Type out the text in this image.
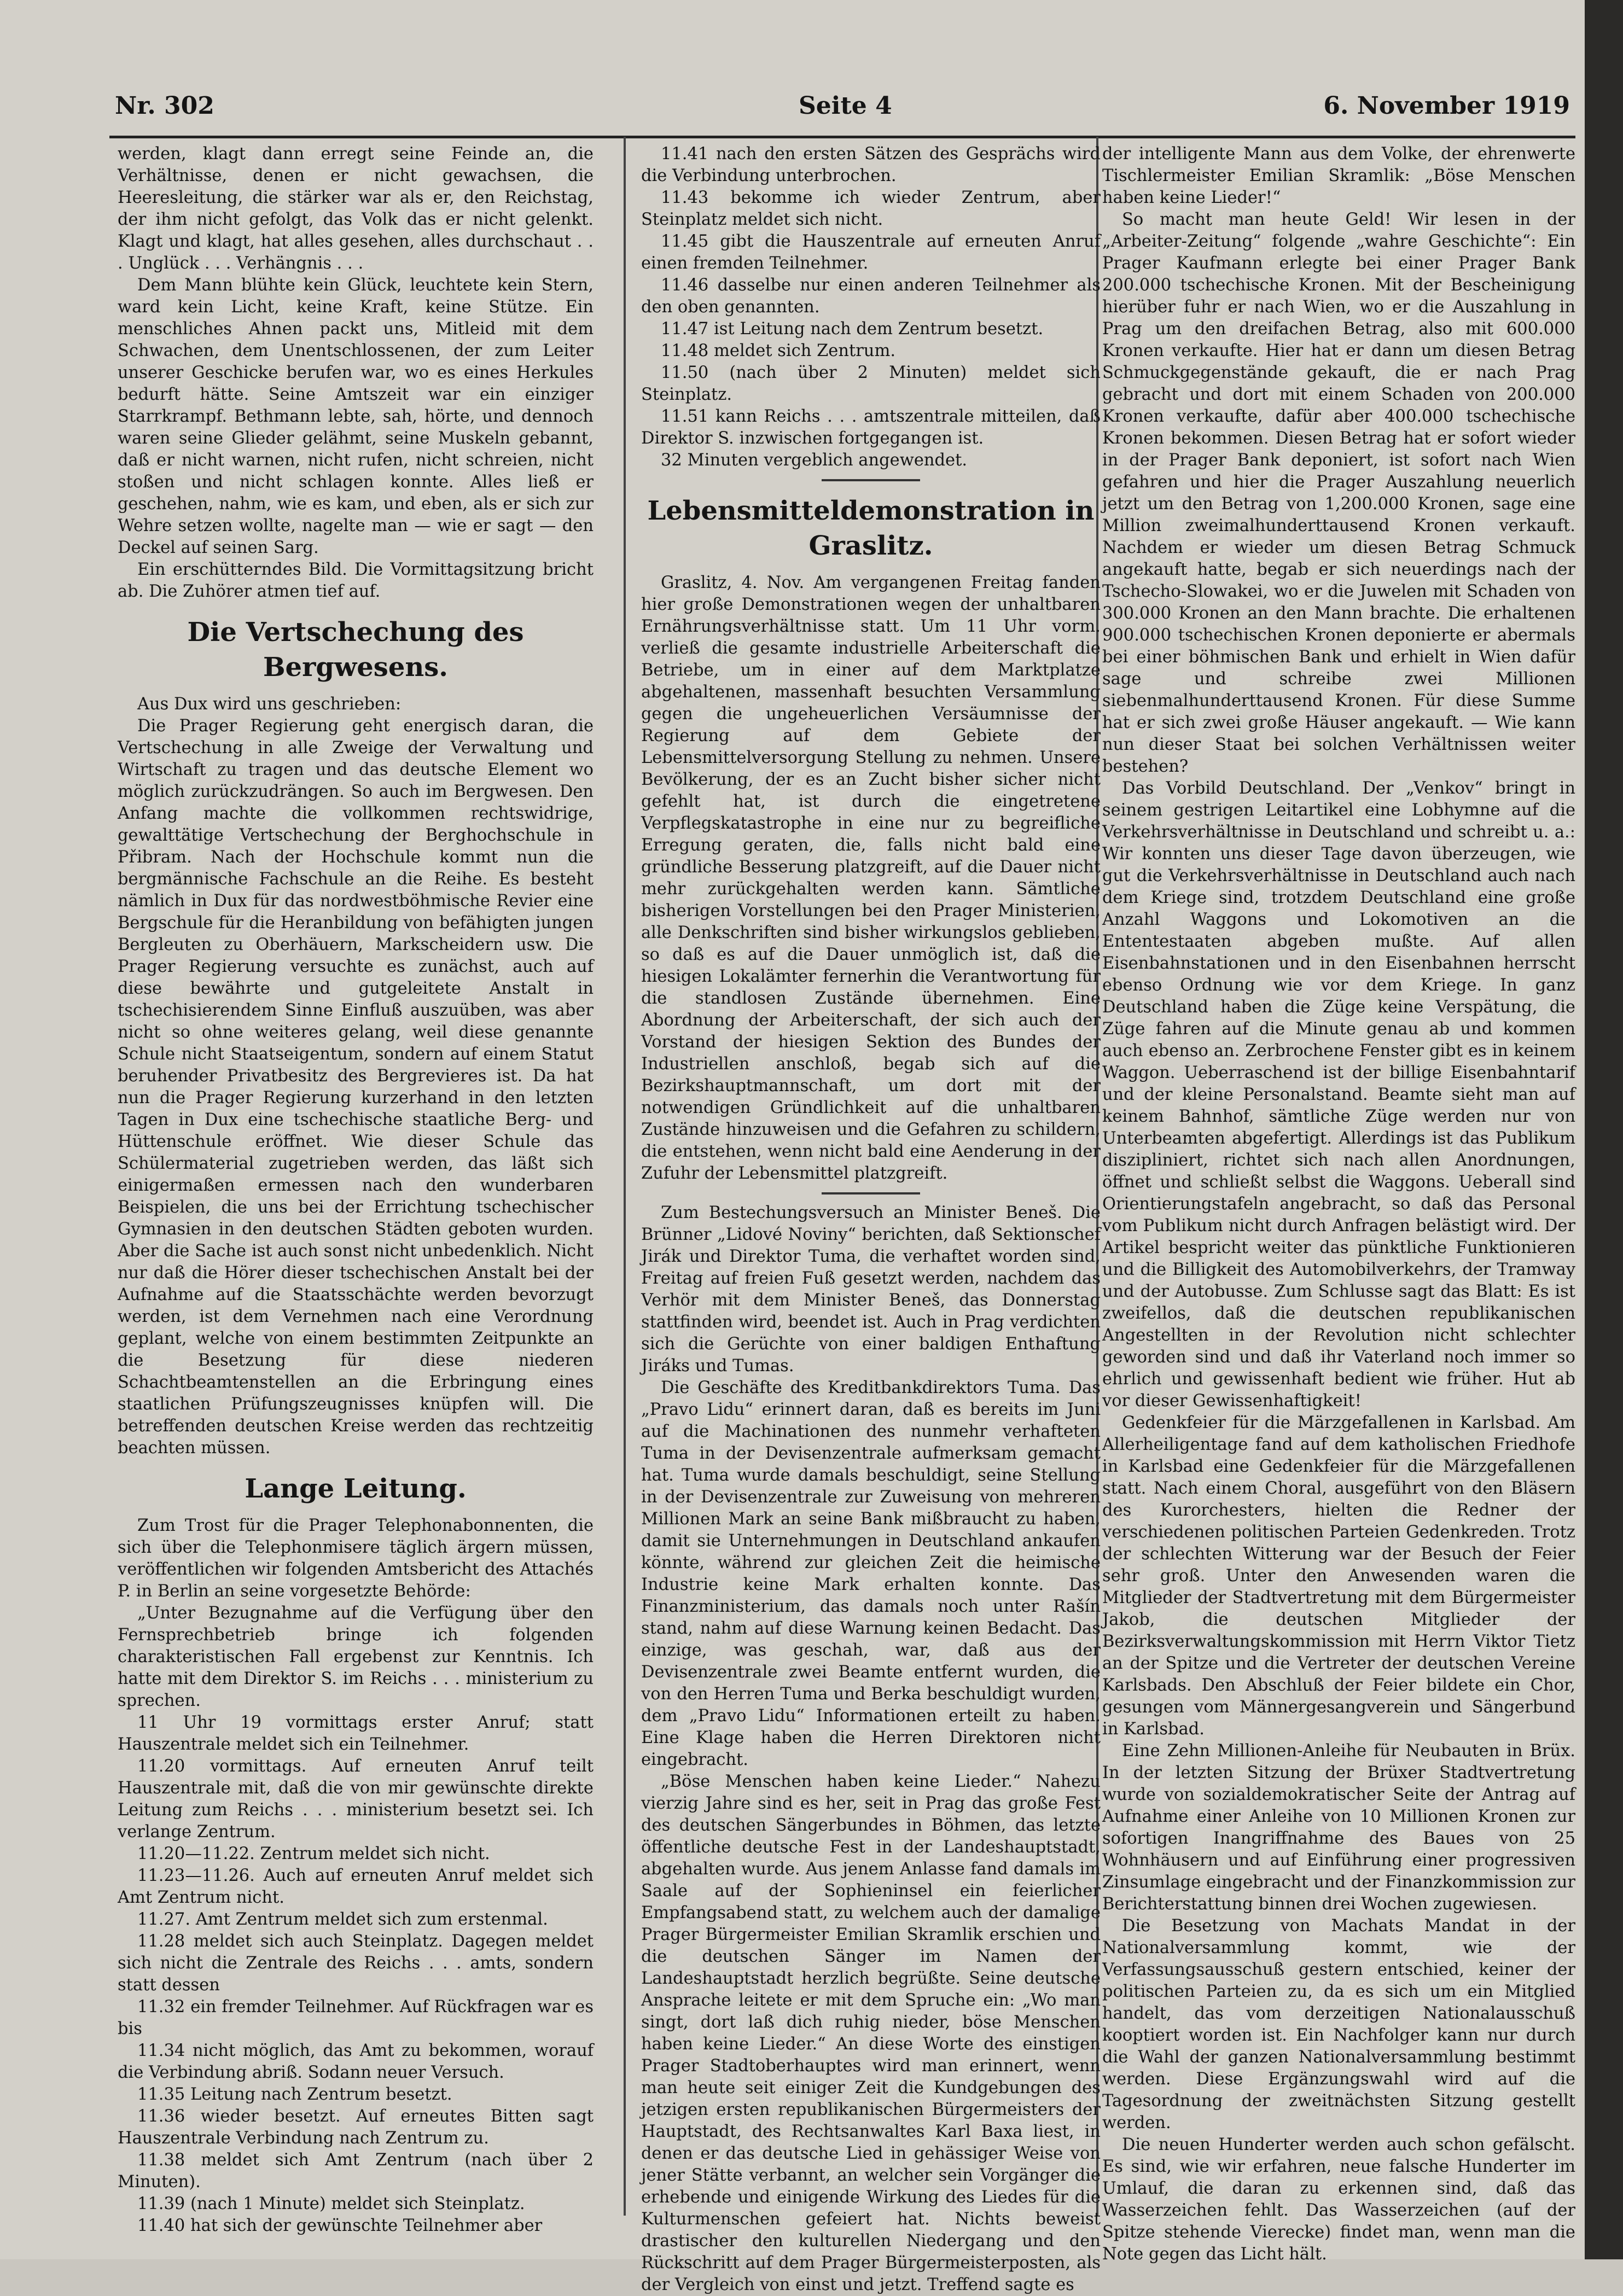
Nr. 302	Seite 4	6. November 1919

werden, klagt dann erregt seine Feinde an, die Verhältnisse, denen er nicht gewachsen, die Heeresleitung, die stärker war als er, den Reichstag, der ihm nicht gefolgt, das Volk das er nicht gelenkt. Klagt und klagt, hat alles gesehen, alles durchschaut . . . Unglück . . . Verhängnis . . .

Dem Mann blühte kein Glück, leuchtete kein Stern, ward kein Licht, keine Kraft, keine Stütze. Ein menschliches Ahnen packt uns, Mitleid mit dem Schwachen, dem Unentschlossenen, der zum Leiter unserer Geschicke berufen war, wo es eines Herkules bedurft hätte. Seine Amtszeit war ein einziger Starrkrampf. Bethmann lebte, sah, hörte, und dennoch waren seine Glieder gelähmt, seine Muskeln gebannt, daß er nicht warnen, nicht rufen, nicht schreien, nicht stoßen und nicht schlagen konnte. Alles ließ er geschehen, nahm, wie es kam, und eben, als er sich zur Wehre setzen wollte, nagelte man — wie er sagt — den Deckel auf seinen Sarg.

Ein erschütterndes Bild. Die Vormittagsitzung bricht ab. Die Zuhörer atmen tief auf.

Die Vertschechung des Bergwesens.

Aus Dux wird uns geschrieben:

Die Prager Regierung geht energisch daran, die Vertschechung in alle Zweige der Verwaltung und Wirtschaft zu tragen und das deutsche Element wo möglich zurückzudrängen. So auch im Bergwesen. Den Anfang machte die vollkommen rechtswidrige, gewalttätige Vertschechung der Berghochschule in Přibram. Nach der Hochschule kommt nun die bergmännische Fachschule an die Reihe. Es besteht nämlich in Dux für das nordwestböhmische Revier eine Bergschule für die Heranbildung von befähigten jungen Bergleuten zu Oberhäuern, Markscheidern usw. Die Prager Regierung versuchte es zunächst, auch auf diese bewährte und gutgeleitete Anstalt in tschechisierendem Sinne Einfluß auszuüben, was aber nicht so ohne weiteres gelang, weil diese genannte Schule nicht Staatseigentum, sondern auf einem Statut beruhender Privatbesitz des Bergrevieres ist. Da hat nun die Prager Regierung kurzerhand in den letzten Tagen in Dux eine tschechische staatliche Berg- und Hüttenschule eröffnet. Wie dieser Schule das Schülermaterial zugetrieben werden, das läßt sich einigermaßen ermessen nach den wunderbaren Beispielen, die uns bei der Errichtung tschechischer Gymnasien in den deutschen Städten geboten wurden. Aber die Sache ist auch sonst nicht unbedenklich. Nicht nur daß die Hörer dieser tschechischen Anstalt bei der Aufnahme auf die Staatsschächte werden bevorzugt werden, ist dem Vernehmen nach eine Verordnung geplant, welche von einem bestimmten Zeitpunkte an die Besetzung für diese niederen Schachtbeamtenstellen an die Erbringung eines staatlichen Prüfungszeugnisses knüpfen will. Die betreffenden deutschen Kreise werden das rechtzeitig beachten müssen.

Lange Leitung.

Zum Trost für die Prager Telephonabonnenten, die sich über die Telephonmisere täglich ärgern müssen, veröffentlichen wir folgenden Amtsbericht des Attachés P. in Berlin an seine vorgesetzte Behörde:

„Unter Bezugnahme auf die Verfügung über den Fernsprechbetrieb bringe ich folgenden charakteristischen Fall ergebenst zur Kenntnis. Ich hatte mit dem Direktor S. im Reichs . . . ministerium zu sprechen.

11 Uhr 19 vormittags erster Anruf; statt Hauszentrale meldet sich ein Teilnehmer.

11.20 vormittags. Auf erneuten Anruf teilt Hauszentrale mit, daß die von mir gewünschte direkte Leitung zum Reichs . . . ministerium besetzt sei. Ich verlange Zentrum.

11.20—11.22. Zentrum meldet sich nicht.

11.23—11.26. Auch auf erneuten Anruf meldet sich Amt Zentrum nicht.

11.27. Amt Zentrum meldet sich zum erstenmal.

11.28 meldet sich auch Steinplatz. Dagegen meldet sich nicht die Zentrale des Reichs . . . amts, sondern statt dessen

11.32 ein fremder Teilnehmer. Auf Rückfragen war es bis

11.34 nicht möglich, das Amt zu bekommen, worauf die Verbindung abriß. Sodann neuer Versuch.

11.35 Leitung nach Zentrum besetzt.

11.36 wieder besetzt. Auf erneutes Bitten sagt Hauszentrale Verbindung nach Zentrum zu.

11.38 meldet sich Amt Zentrum (nach über 2 Minuten).

11.39 (nach 1 Minute) meldet sich Steinplatz.

11.40 hat sich der gewünschte Teilnehmer aber

11.41 nach den ersten Sätzen des Gesprächs wird die Verbindung unterbrochen.

11.43 bekomme ich wieder Zentrum, aber Steinplatz meldet sich nicht.

11.45 gibt die Hauszentrale auf erneuten Anruf einen fremden Teilnehmer.

11.46 dasselbe nur einen anderen Teilnehmer als den oben genannten.

11.47 ist Leitung nach dem Zentrum besetzt.

11.48 meldet sich Zentrum.

11.50 (nach über 2 Minuten) meldet sich Steinplatz.

11.51 kann Reichs . . . amtszentrale mitteilen, daß Direktor S. inzwischen fortgegangen ist.

32 Minuten vergeblich angewendet.

Lebensmitteldemonstration in Graslitz.

Graslitz, 4. Nov. Am vergangenen Freitag fanden hier große Demonstrationen wegen der unhaltbaren Ernährungsverhältnisse statt. Um 11 Uhr vorm. verließ die gesamte industrielle Arbeiterschaft die Betriebe, um in einer auf dem Marktplatze abgehaltenen, massenhaft besuchten Versammlung gegen die ungeheuerlichen Versäumnisse der Regierung auf dem Gebiete der Lebensmittelversorgung Stellung zu nehmen. Unsere Bevölkerung, der es an Zucht bisher sicher nicht gefehlt hat, ist durch die eingetretene Verpflegskatastrophe in eine nur zu begreifliche Erregung geraten, die, falls nicht bald eine gründliche Besserung platzgreift, auf die Dauer nicht mehr zurückgehalten werden kann. Sämtliche bisherigen Vorstellungen bei den Prager Ministerien, alle Denkschriften sind bisher wirkungslos geblieben, so daß es auf die Dauer unmöglich ist, daß die hiesigen Lokalämter fernerhin die Verantwortung für die standlosen Zustände übernehmen. Eine Abordnung der Arbeiterschaft, der sich auch der Vorstand der hiesigen Sektion des Bundes der Industriellen anschloß, begab sich auf die Bezirkshauptmannschaft, um dort mit der notwendigen Gründlichkeit auf die unhaltbaren Zustände hinzuweisen und die Gefahren zu schildern, die entstehen, wenn nicht bald eine Aenderung in der Zufuhr der Lebensmittel platzgreift.

Zum Bestechungsversuch an Minister Beneš. Die Brünner „Lidové Noviny“ berichten, daß Sektionschef Jirák und Direktor Tuma, die verhaftet worden sind, Freitag auf freien Fuß gesetzt werden, nachdem das Verhör mit dem Minister Beneš, das Donnerstag stattfinden wird, beendet ist. Auch in Prag verdichten sich die Gerüchte von einer baldigen Enthaftung Jiráks und Tumas.

Die Geschäfte des Kreditbankdirektors Tuma. Das „Pravo Lidu“ erinnert daran, daß es bereits im Juni auf die Machinationen des nunmehr verhafteten Tuma in der Devisenzentrale aufmerksam gemacht hat. Tuma wurde damals beschuldigt, seine Stellung in der Devisenzentrale zur Zuweisung von mehreren Millionen Mark an seine Bank mißbraucht zu haben, damit sie Unternehmungen in Deutschland ankaufen könnte, während zur gleichen Zeit die heimische Industrie keine Mark erhalten konnte. Das Finanzministerium, das damals noch unter Rašín stand, nahm auf diese Warnung keinen Bedacht. Das einzige, was geschah, war, daß aus der Devisenzentrale zwei Beamte entfernt wurden, die von den Herren Tuma und Berka beschuldigt wurden, dem „Pravo Lidu“ Informationen erteilt zu haben. Eine Klage haben die Herren Direktoren nicht eingebracht.

„Böse Menschen haben keine Lieder.“ Nahezu vierzig Jahre sind es her, seit in Prag das große Fest des deutschen Sängerbundes in Böhmen, das letzte öffentliche deutsche Fest in der Landeshauptstadt, abgehalten wurde. Aus jenem Anlasse fand damals im Saale auf der Sophieninsel ein feierlicher Empfangsabend statt, zu welchem auch der damalige Prager Bürgermeister Emilian Skramlik erschien und die deutschen Sänger im Namen der Landeshauptstadt herzlich begrüßte. Seine deutsche Ansprache leitete er mit dem Spruche ein: „Wo man singt, dort laß dich ruhig nieder, böse Menschen haben keine Lieder.“ An diese Worte des einstigen Prager Stadtoberhauptes wird man erinnert, wenn man heute seit einiger Zeit die Kundgebungen des jetzigen ersten republikanischen Bürgermeisters der Hauptstadt, des Rechtsanwaltes Karl Baxa liest, in denen er das deutsche Lied in gehässiger Weise von jener Stätte verbannt, an welcher sein Vorgänger die erhebende und einigende Wirkung des Liedes für die Kulturmenschen gefeiert hat. Nichts beweist drastischer den kulturellen Niedergang und den Rückschritt auf dem Prager Bürgermeisterposten, als der Vergleich von einst und jetzt. Treffend sagte es

der intelligente Mann aus dem Volke, der ehrenwerte Tischlermeister Emilian Skramlik: „Böse Menschen haben keine Lieder!“

So macht man heute Geld! Wir lesen in der „Arbeiter-Zeitung“ folgende „wahre Geschichte“: Ein Prager Kaufmann erlegte bei einer Prager Bank 200.000 tschechische Kronen. Mit der Bescheinigung hierüber fuhr er nach Wien, wo er die Auszahlung in Prag um den dreifachen Betrag, also mit 600.000 Kronen verkaufte. Hier hat er dann um diesen Betrag Schmuckgegenstände gekauft, die er nach Prag gebracht und dort mit einem Schaden von 200.000 Kronen verkaufte, dafür aber 400.000 tschechische Kronen bekommen. Diesen Betrag hat er sofort wieder in der Prager Bank deponiert, ist sofort nach Wien gefahren und hier die Prager Auszahlung neuerlich jetzt um den Betrag von 1,200.000 Kronen, sage eine Million zweimalhunderttausend Kronen verkauft. Nachdem er wieder um diesen Betrag Schmuck angekauft hatte, begab er sich neuerdings nach der Tschecho-Slowakei, wo er die Juwelen mit Schaden von 300.000 Kronen an den Mann brachte. Die erhaltenen 900.000 tschechischen Kronen deponierte er abermals bei einer böhmischen Bank und erhielt in Wien dafür sage und schreibe zwei Millionen siebenmalhunderttausend Kronen. Für diese Summe hat er sich zwei große Häuser angekauft. — Wie kann nun dieser Staat bei solchen Verhältnissen weiter bestehen?

Das Vorbild Deutschland. Der „Venkov“ bringt in seinem gestrigen Leitartikel eine Lobhymne auf die Verkehrsverhältnisse in Deutschland und schreibt u. a.: Wir konnten uns dieser Tage davon überzeugen, wie gut die Verkehrsverhältnisse in Deutschland auch nach dem Kriege sind, trotzdem Deutschland eine große Anzahl Waggons und Lokomotiven an die Ententestaaten abgeben mußte. Auf allen Eisenbahnstationen und in den Eisenbahnen herrscht ebenso Ordnung wie vor dem Kriege. In ganz Deutschland haben die Züge keine Verspätung, die Züge fahren auf die Minute genau ab und kommen auch ebenso an. Zerbrochene Fenster gibt es in keinem Waggon. Ueberraschend ist der billige Eisenbahntarif und der kleine Personalstand. Beamte sieht man auf keinem Bahnhof, sämtliche Züge werden nur von Unterbeamten abgefertigt. Allerdings ist das Publikum diszipliniert, richtet sich nach allen Anordnungen, öffnet und schließt selbst die Waggons. Ueberall sind Orientierungstafeln angebracht, so daß das Personal vom Publikum nicht durch Anfragen belästigt wird. Der Artikel bespricht weiter das pünktliche Funktionieren und die Billigkeit des Automobilverkehrs, der Tramway und der Autobusse. Zum Schlusse sagt das Blatt: Es ist zweifellos, daß die deutschen republikanischen Angestellten in der Revolution nicht schlechter geworden sind und daß ihr Vaterland noch immer so ehrlich und gewissenhaft bedient wie früher. Hut ab vor dieser Gewissenhaftigkeit!

Gedenkfeier für die Märzgefallenen in Karlsbad. Am Allerheiligentage fand auf dem katholischen Friedhofe in Karlsbad eine Gedenkfeier für die Märzgefallenen statt. Nach einem Choral, ausgeführt von den Bläsern des Kurorchesters, hielten die Redner der verschiedenen politischen Parteien Gedenkreden. Trotz der schlechten Witterung war der Besuch der Feier sehr groß. Unter den Anwesenden waren die Mitglieder der Stadtvertretung mit dem Bürgermeister Jakob, die deutschen Mitglieder der Bezirksverwaltungskommission mit Herrn Viktor Tietz an der Spitze und die Vertreter der deutschen Vereine Karlsbads. Den Abschluß der Feier bildete ein Chor, gesungen vom Männergesangverein und Sängerbund in Karlsbad.

Eine Zehn Millionen-Anleihe für Neubauten in Brüx. In der letzten Sitzung der Brüxer Stadtvertretung wurde von sozialdemokratischer Seite der Antrag auf Aufnahme einer Anleihe von 10 Millionen Kronen zur sofortigen Inangriffnahme des Baues von 25 Wohnhäusern und auf Einführung einer progressiven Zinsumlage eingebracht und der Finanzkommission zur Berichterstattung binnen drei Wochen zugewiesen.

Die Besetzung von Machats Mandat in der Nationalversammlung kommt, wie der Verfassungsausschuß gestern entschied, keiner der politischen Parteien zu, da es sich um ein Mitglied handelt, das vom derzeitigen Nationalausschuß kooptiert worden ist. Ein Nachfolger kann nur durch die Wahl der ganzen Nationalversammlung bestimmt werden. Diese Ergänzungswahl wird auf die Tagesordnung der zweitnächsten Sitzung gestellt werden.

Die neuen Hunderter werden auch schon gefälscht. Es sind, wie wir erfahren, neue falsche Hunderter im Umlauf, die daran zu erkennen sind, daß das Wasserzeichen fehlt. Das Wasserzeichen (auf der Spitze stehende Vierecke) findet man, wenn man die Note gegen das Licht hält.
